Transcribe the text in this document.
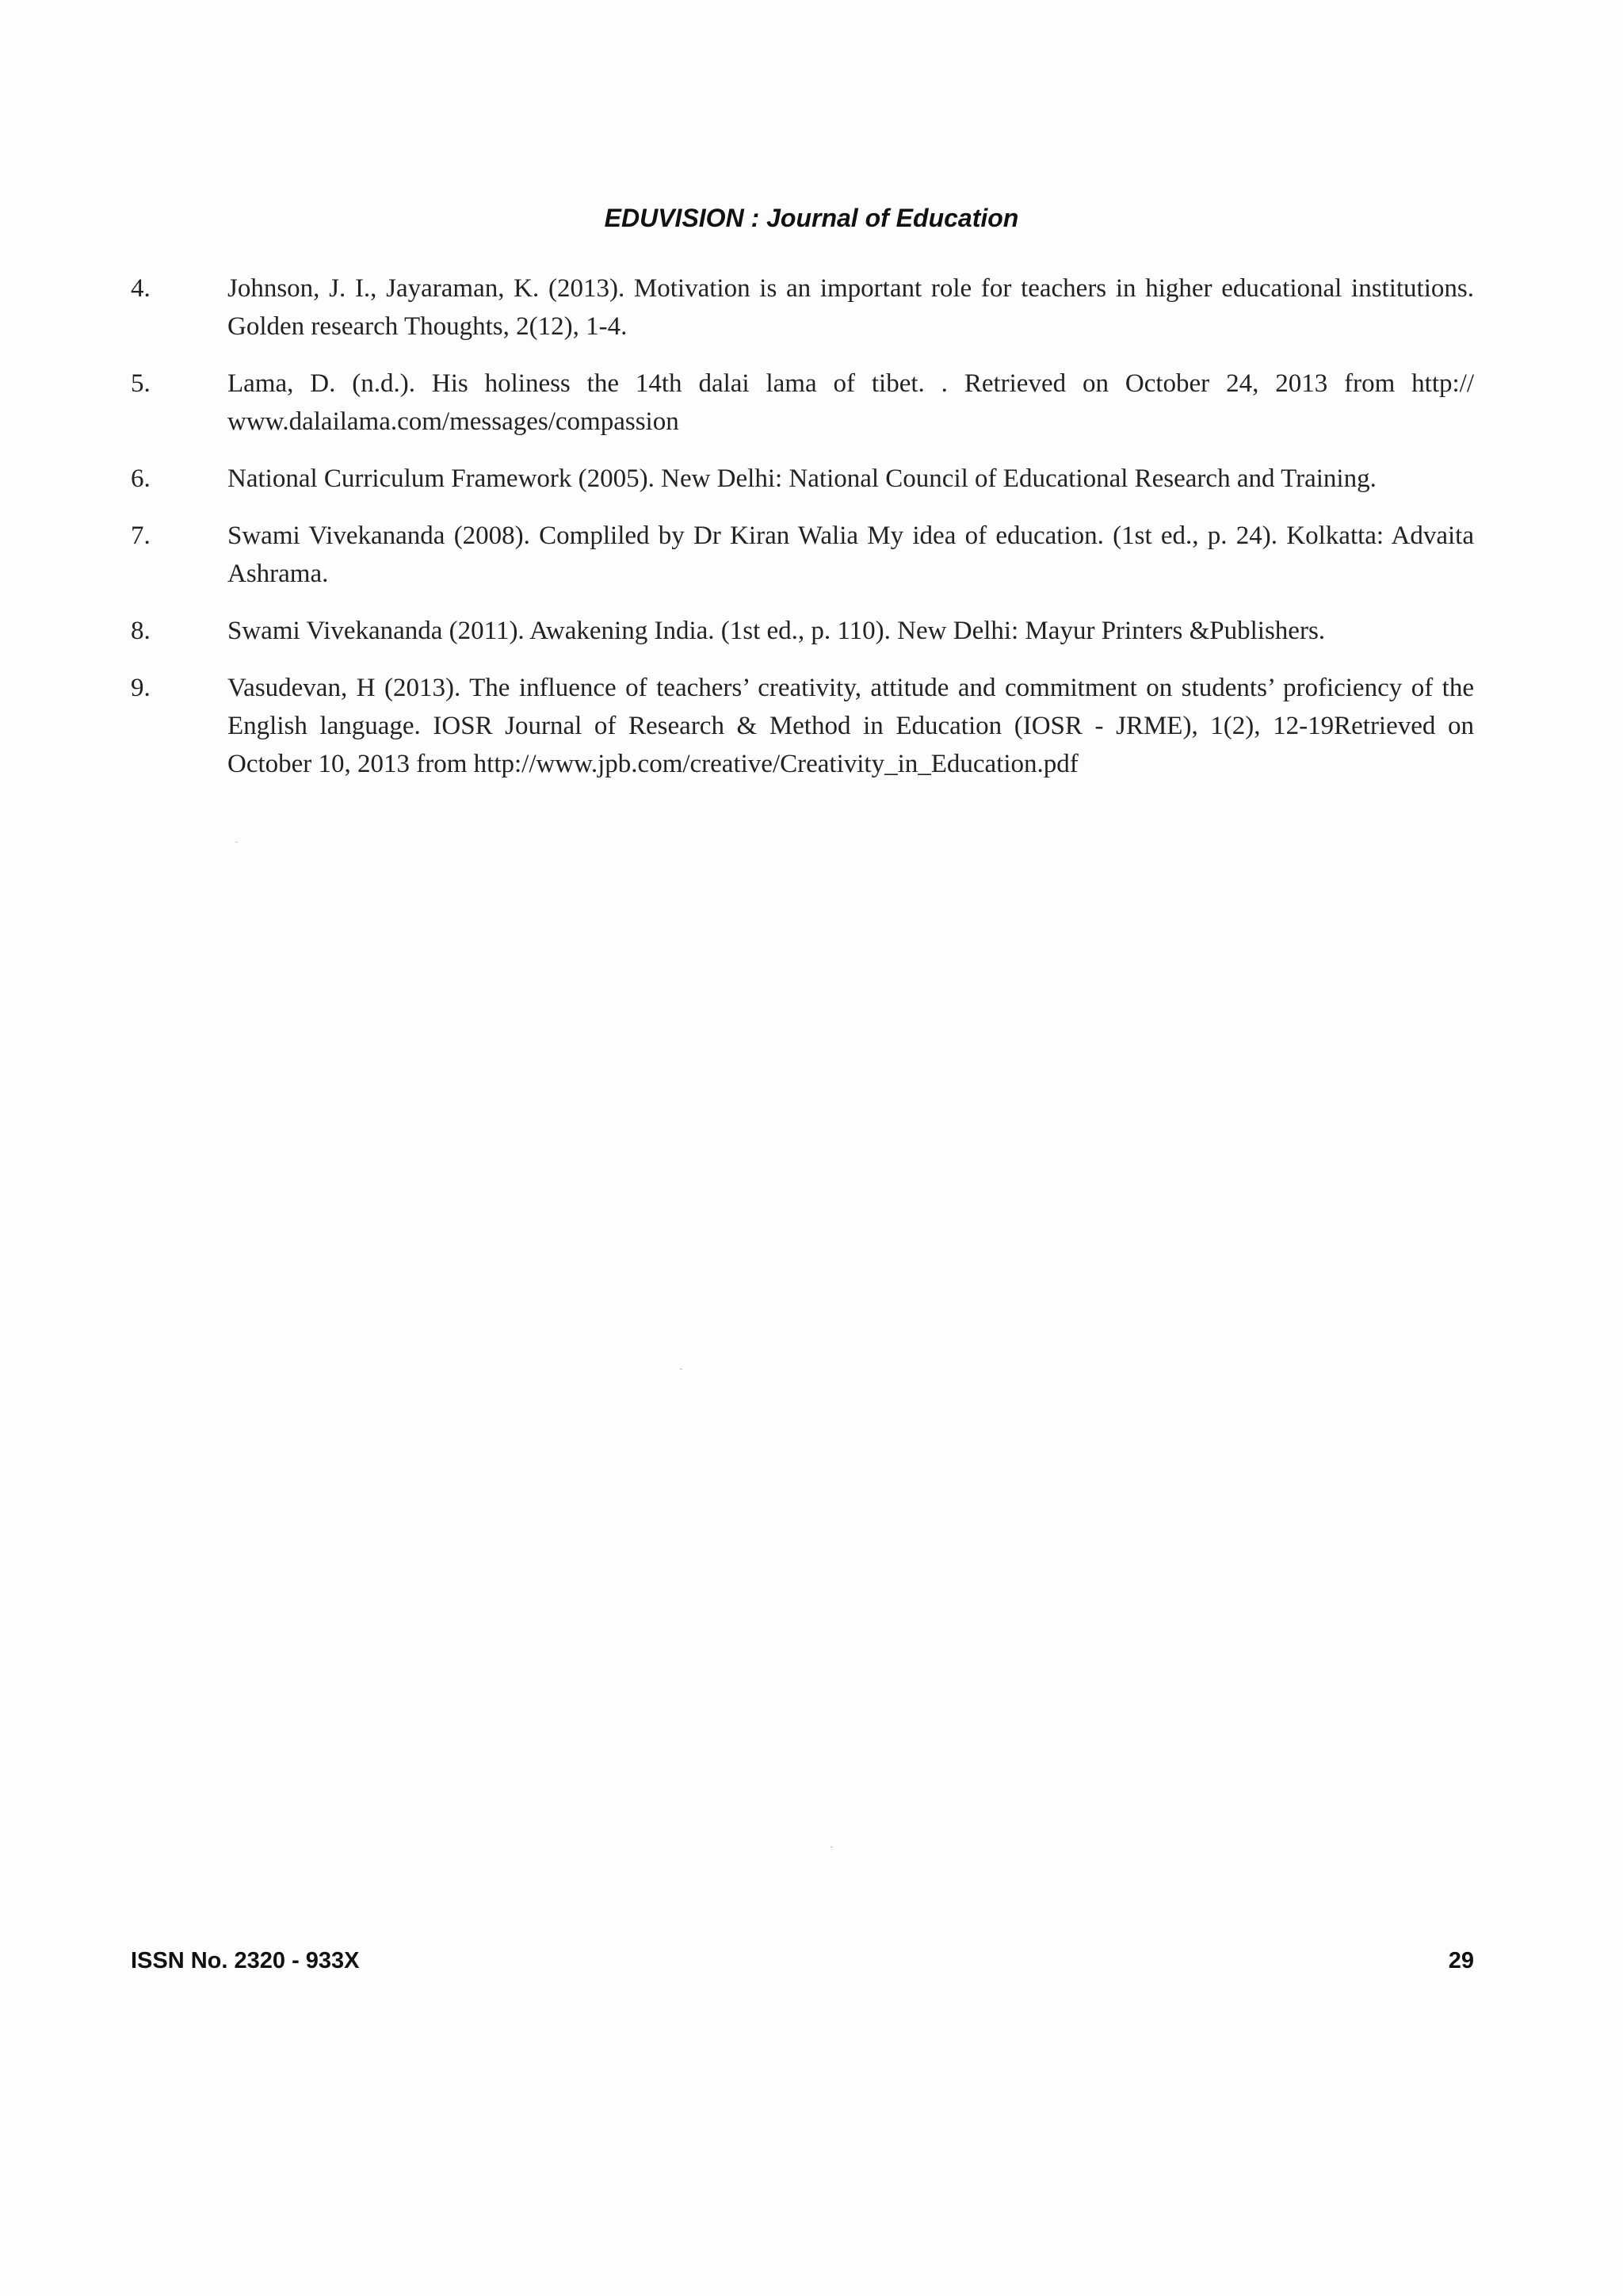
EDUVISION : Journal of Education
4.	Johnson, J. I., Jayaraman, K. (2013). Motivation is an important role for teachers in higher educational institutions. Golden research Thoughts, 2(12), 1-4.
5.	Lama, D. (n.d.). His holiness the 14th dalai lama of tibet. . Retrieved on October 24, 2013 from http:// www.dalailama.com/messages/compassion
6.	National Curriculum Framework (2005). New Delhi: National Council of Educational Research and Training.
7.	Swami Vivekananda (2008). Compliled by Dr Kiran Walia My idea of education. (1st ed., p. 24). Kolkatta: Advaita Ashrama.
8.	Swami Vivekananda (2011). Awakening India. (1st ed., p. 110). New Delhi: Mayur Printers &Publishers.
9.	Vasudevan, H (2013). The influence of teachers’ creativity, attitude and commitment on students’ proficiency of the English language. IOSR Journal of Research & Method in Education (IOSR - JRME), 1(2), 12-19Retrieved on October 10, 2013 from http://www.jpb.com/creative/Creativity_in_Education.pdf
ISSN No. 2320 - 933X	29
